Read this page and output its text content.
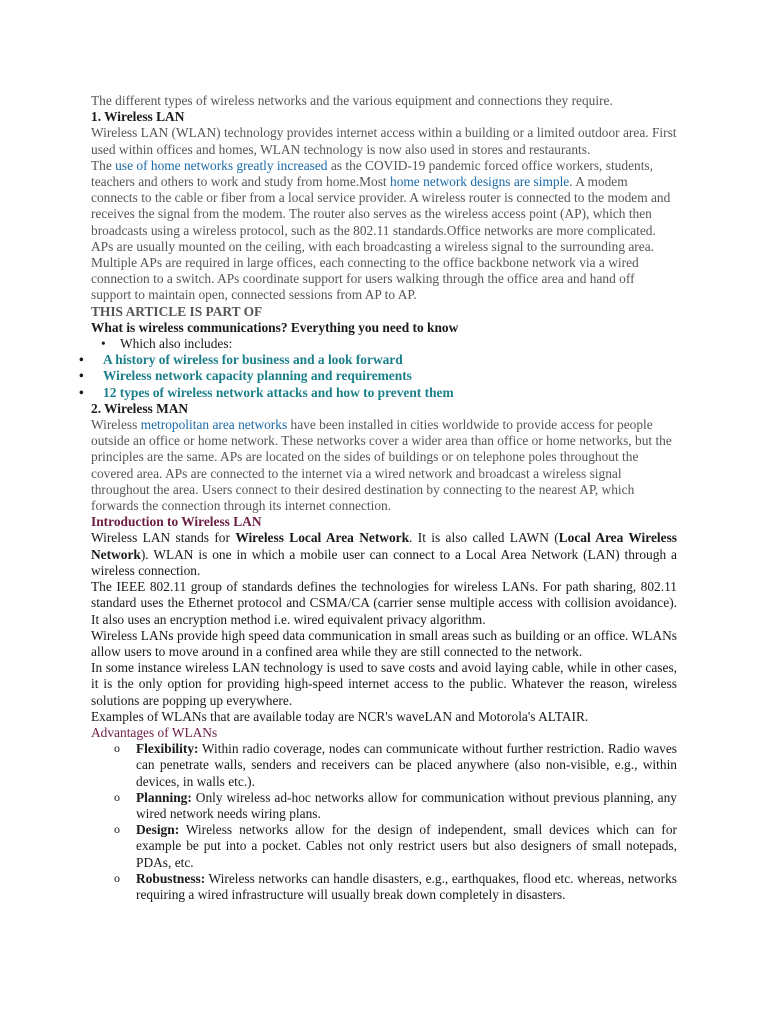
The different types of wireless networks and the various equipment and connections they require.

1. Wireless LAN

Wireless LAN (WLAN) technology provides internet access within a building or a limited outdoor area. First used within offices and homes, WLAN technology is now also used in stores and restaurants.

The use of home networks greatly increased as the COVID-19 pandemic forced office workers, students, teachers and others to work and study from home.Most home network designs are simple. A modem connects to the cable or fiber from a local service provider. A wireless router is connected to the modem and receives the signal from the modem. The router also serves as the wireless access point (AP), which then broadcasts using a wireless protocol, such as the 802.11 standards.Office networks are more complicated. APs are usually mounted on the ceiling, with each broadcasting a wireless signal to the surrounding area. Multiple APs are required in large offices, each connecting to the office backbone network via a wired connection to a switch. APs coordinate support for users walking through the office area and hand off support to maintain open, connected sessions from AP to AP.

THIS ARTICLE IS PART OF

What is wireless communications? Everything you need to know

• Which also includes:
• A history of wireless for business and a look forward
• Wireless network capacity planning and requirements
• 12 types of wireless network attacks and how to prevent them

2. Wireless MAN

Wireless metropolitan area networks have been installed in cities worldwide to provide access for people outside an office or home network. These networks cover a wider area than office or home networks, but the principles are the same. APs are located on the sides of buildings or on telephone poles throughout the covered area. APs are connected to the internet via a wired network and broadcast a wireless signal throughout the area. Users connect to their desired destination by connecting to the nearest AP, which forwards the connection through its internet connection.

Introduction to Wireless LAN

Wireless LAN stands for Wireless Local Area Network. It is also called LAWN (Local Area Wireless Network). WLAN is one in which a mobile user can connect to a Local Area Network (LAN) through a wireless connection.

The IEEE 802.11 group of standards defines the technologies for wireless LANs. For path sharing, 802.11 standard uses the Ethernet protocol and CSMA/CA (carrier sense multiple access with collision avoidance). It also uses an encryption method i.e. wired equivalent privacy algorithm.

Wireless LANs provide high speed data communication in small areas such as building or an office. WLANs allow users to move around in a confined area while they are still connected to the network.

In some instance wireless LAN technology is used to save costs and avoid laying cable, while in other cases, it is the only option for providing high-speed internet access to the public. Whatever the reason, wireless solutions are popping up everywhere.

Examples of WLANs that are available today are NCR's waveLAN and Motorola's ALTAIR.

Advantages of WLANs

o Flexibility: Within radio coverage, nodes can communicate without further restriction. Radio waves can penetrate walls, senders and receivers can be placed anywhere (also non-visible, e.g., within devices, in walls etc.).
o Planning: Only wireless ad-hoc networks allow for communication without previous planning, any wired network needs wiring plans.
o Design: Wireless networks allow for the design of independent, small devices which can for example be put into a pocket. Cables not only restrict users but also designers of small notepads, PDAs, etc.
o Robustness: Wireless networks can handle disasters, e.g., earthquakes, flood etc. whereas, networks requiring a wired infrastructure will usually break down completely in disasters.
